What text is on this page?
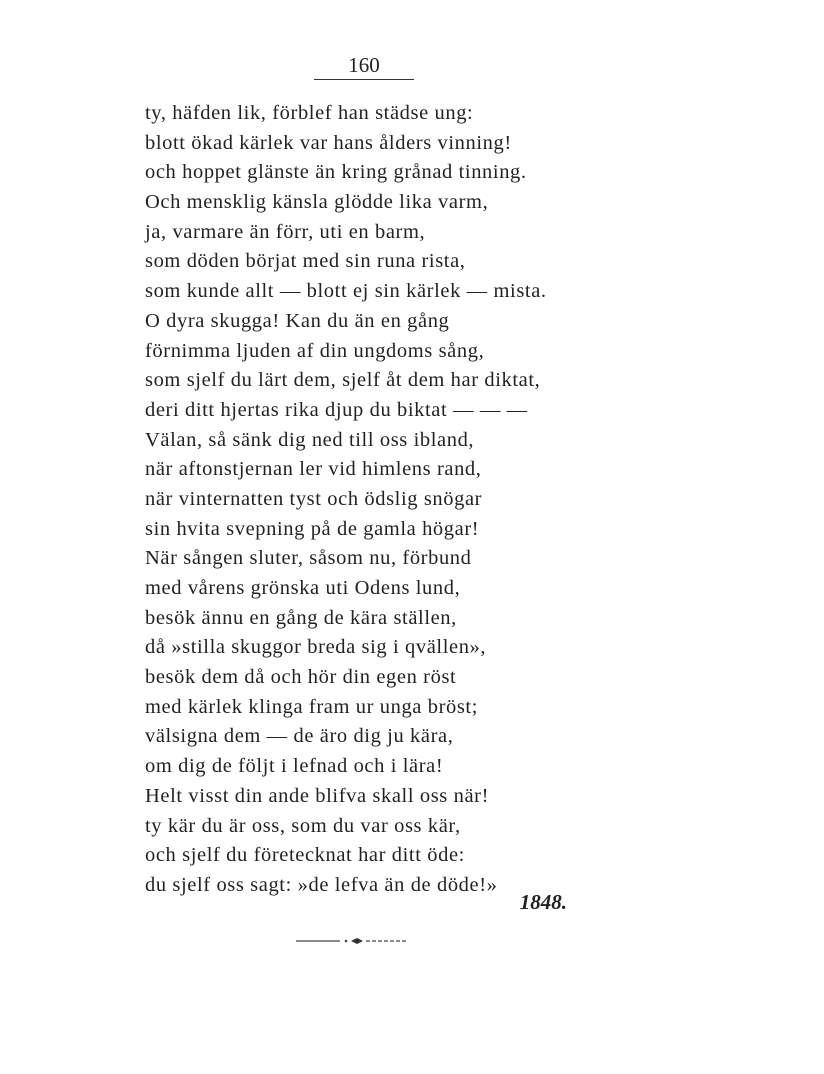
160
ty, häfden lik, förblef han städse ung:
blott ökad kärlek var hans ålders vinning!
och hoppet glänste än kring grånad tinning.
Och mensklig känsla glödde lika varm,
ja, varmare än förr, uti en barm,
som döden börjat med sin runa rista,
som kunde allt — blott ej sin kärlek — mista.
O dyra skugga! Kan du än en gång
förnimma ljuden af din ungdoms sång,
som sjelf du lärt dem, sjelf åt dem har diktat,
deri ditt hjertas rika djup du biktat — — —
Välan, så sänk dig ned till oss ibland,
när aftonstjernan ler vid himlens rand,
när vinternatten tyst och ödslig snögar
sin hvita svepning på de gamla högar!
När sången sluter, såsom nu, förbund
med vårens grönska uti Odens lund,
besök ännu en gång de kära ställen,
då »stilla skuggor breda sig i qvällen»,
besök dem då och hör din egen röst
med kärlek klinga fram ur unga bröst;
välsigna dem — de äro dig ju kära,
om dig de följt i lefnad och i lära!
Helt visst din ande blifva skall oss när!
ty kär du är oss, som du var oss kär,
och sjelf du företecknat har ditt öde:
du sjelf oss sagt: »de lefva än de döde!»
1848.
